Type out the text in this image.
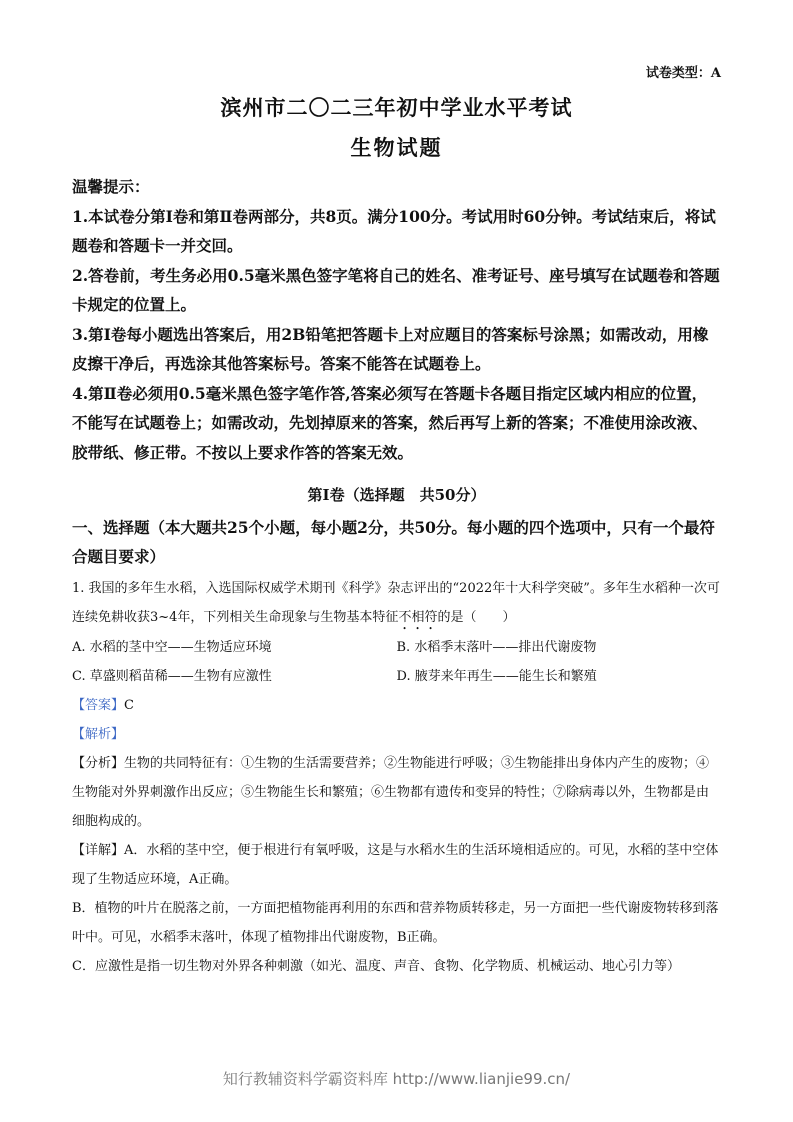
试卷类型：A
滨州市二〇二三年初中学业水平考试
生物试题

温馨提示：

1.本试卷分第Ⅰ卷和第Ⅱ卷两部分，共8页。满分100分。考试用时60分钟。考试结束后，将试题卷和答题卡一并交回。

2.答卷前，考生务必用0.5毫米黑色签字笔将自己的姓名、准考证号、座号填写在试题卷和答题卡规定的位置上。

3.第Ⅰ卷每小题选出答案后，用2B铅笔把答题卡上对应题目的答案标号涂黑；如需改动，用橡皮擦干净后，再选涂其他答案标号。答案不能答在试题卷上。

4.第Ⅱ卷必须用0.5毫米黑色签字笔作答,答案必须写在答题卡各题目指定区域内相应的位置，不能写在试题卷上；如需改动，先划掉原来的答案，然后再写上新的答案；不准使用涂改液、胶带纸、修正带。不按以上要求作答的答案无效。

第Ⅰ卷（选择题　共50分）
一、选择题（本大题共25个小题，每小题2分，共50分。每小题的四个选项中，只有一个最符合题目要求）

1. 我国的多年生水稻，入选国际权威学术期刊《科学》杂志评出的“2022年十大科学突破”。多年生水稻种一次可连续免耕收获3~4年，下列相关生命现象与生物基本特征不相符的是（　　）

A. 水稻的茎中空——生物适应环境	B. 水稻季末落叶——排出代谢废物
C. 草盛则稻苗稀——生物有应激性	D. 腋芽来年再生——能生长和繁殖

【答案】C

【解析】

【分析】生物的共同特征有：①生物的生活需要营养；②生物能进行呼吸；③生物能排出身体内产生的废物；④生物能对外界刺激作出反应；⑤生物能生长和繁殖；⑥生物都有遗传和变异的特性；⑦除病毒以外，生物都是由细胞构成的。

【详解】A．水稻的茎中空，便于根进行有氧呼吸，这是与水稻水生的生活环境相适应的。可见，水稻的茎中空体现了生物适应环境，A正确。

B．植物的叶片在脱落之前，一方面把植物能再利用的东西和营养物质转移走，另一方面把一些代谢废物转移到落叶中。可见，水稻季末落叶，体现了植物排出代谢废物，B正确。

C．应激性是指一切生物对外界各种刺激（如光、温度、声音、食物、化学物质、机械运动、地心引力等）

知行教辅资料学霸资料库 http://www.lianjie99.cn/
